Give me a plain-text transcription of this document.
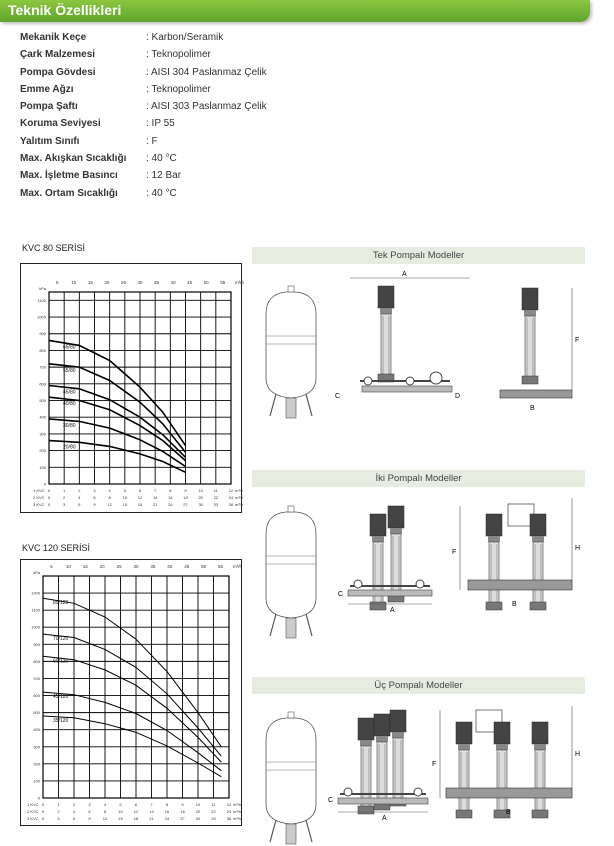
Teknik Özellikleri
Mekanik Keçe	: Karbon/Seramik
Çark Malzemesi	: Teknopolimer
Pompa Gövdesi	: AISI 304 Paslanmaz Çelik
Emme Ağzı	: Teknopolimer
Pompa Şaftı	: AISI 303 Paslanmaz Çelik
Koruma Seviyesi	: IP 55
Yalıtım Sınıfı	: F
Max. Akışkan Sıcaklığı	: 40 °C
Max. İşletme Basıncı	: 12 Bar
Max. Ortam Sıcaklığı	: 40 °C
KVC 80 SERİSİ
KVC 120 SERİSİ
5	10	15	20	25	30	35	40	45	50	55 m³/h
0
100
200
300
400
500
600
700
800
900
1000
1100
kPa
1 KVC 0	1	2	3	4	5	6	7	8	9	10	11	12 m³/h
2 KVC 0	2	4	6	8	10	12	14	16	18	20	22	24 m³/h
3 KVC 0	3	6	9	12	15	18	21	24	27	30	33	36 m³/h
65/80
55/80
45/80
40/80
30/80
20/80
5	10	15	20	25	30	35	40	45	50	55 m³/h
0
100
200
300
400
500
600
700
800
900
1000
1100
1200
kPa
1 KVC 0	1	2	3	4	5	6	7	8	9	10	11	12 m³/h
2 KVC 0	2	4	6	8	10	12	14	16	18	20	22	24 m³/h
3 KVC 0	3	6	9	12	15	18	21	24	27	30	33	36 m³/h
85/120
70/120
60/120
45/120
35/120
Tek Pompalı Modeller
İki Pompalı Modeller
Üç Pompalı Modeller
A
C	D
F
B
A
C
F
H
B
A
C
F
H
B
